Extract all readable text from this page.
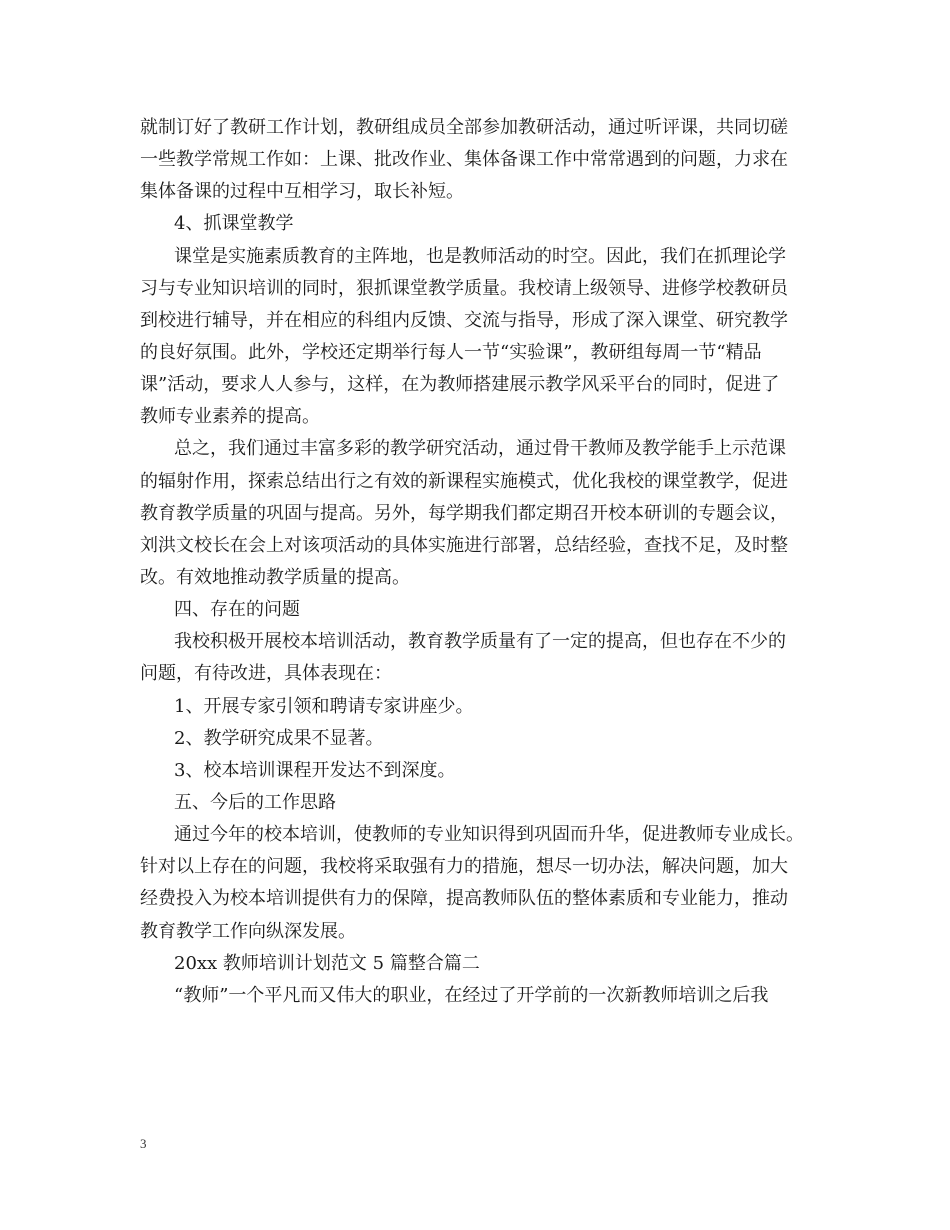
就制订好了教研工作计划，教研组成员全部参加教研活动，通过听评课，共同切磋
一些教学常规工作如：上课、批改作业、集体备课工作中常常遇到的问题，力求在
集体备课的过程中互相学习，取长补短。
4、抓课堂教学
课堂是实施素质教育的主阵地，也是教师活动的时空。因此，我们在抓理论学
习与专业知识培训的同时，狠抓课堂教学质量。我校请上级领导、进修学校教研员
到校进行辅导，并在相应的科组内反馈、交流与指导，形成了深入课堂、研究教学
的良好氛围。此外，学校还定期举行每人一节“实验课”，教研组每周一节“精品
课”活动，要求人人参与，这样，在为教师搭建展示教学风采平台的同时，促进了
教师专业素养的提高。
总之，我们通过丰富多彩的教学研究活动，通过骨干教师及教学能手上示范课
的辐射作用，探索总结出行之有效的新课程实施模式，优化我校的课堂教学，促进
教育教学质量的巩固与提高。另外，每学期我们都定期召开校本研训的专题会议，
刘洪文校长在会上对该项活动的具体实施进行部署，总结经验，查找不足，及时整
改。有效地推动教学质量的提高。
四、存在的问题
我校积极开展校本培训活动，教育教学质量有了一定的提高，但也存在不少的
问题，有待改进，具体表现在：
1、开展专家引领和聘请专家讲座少。
2、教学研究成果不显著。
3、校本培训课程开发达不到深度。
五、今后的工作思路
通过今年的校本培训，使教师的专业知识得到巩固而升华，促进教师专业成长。
针对以上存在的问题，我校将采取强有力的措施，想尽一切办法，解决问题，加大
经费投入为校本培训提供有力的保障，提高教师队伍的整体素质和专业能力，推动
教育教学工作向纵深发展。
20xx 教师培训计划范文 5 篇整合篇二
“教师”一个平凡而又伟大的职业，在经过了开学前的一次新教师培训之后我
3
